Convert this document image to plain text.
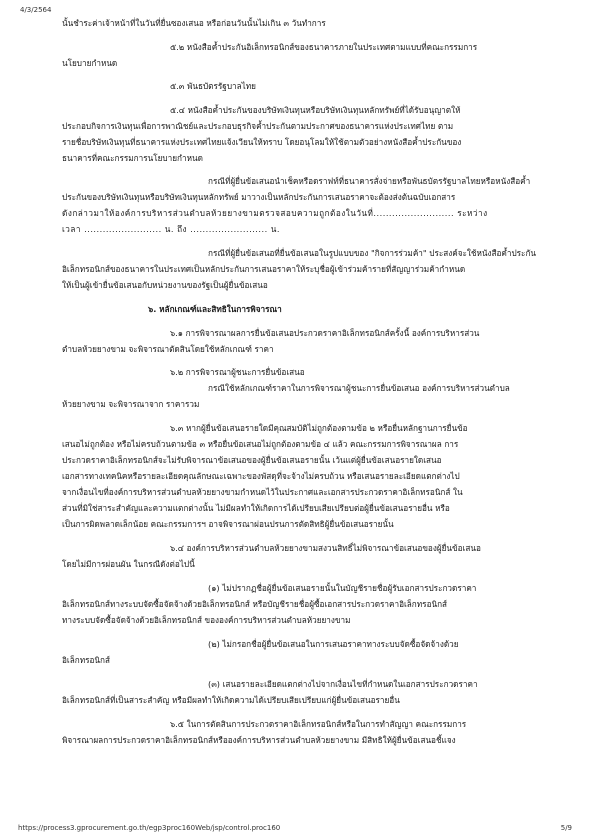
4/3/2564
นั้นชำระค่าเจ้าหน้าที่ในวันที่ยื่นซองเสนอ หรือก่อนวันนั้นไม่เกิน ๓ วันทำการ
๕.๒ หนังสือค้ำประกันอิเล็กทรอนิกส์ของธนาคารภายในประเทศตามแบบที่คณะกรรมการ
นโยบายกำหนด
๕.๓ พันธบัตรรัฐบาลไทย
๕.๔ หนังสือค้ำประกันของบริษัทเงินทุนหรือบริษัทเงินทุนหลักทรัพย์ที่ได้รับอนุญาตให้
ประกอบกิจการเงินทุนเพื่อการพาณิชย์และประกอบธุรกิจค้ำประกันตามประกาศของธนาคารแห่งประเทศไทย ตาม
รายชื่อบริษัทเงินทุนที่ธนาคารแห่งประเทศไทยแจ้งเวียนให้ทราบ โดยอนุโลมให้ใช้ตามตัวอย่างหนังสือค้ำประกันของ
ธนาคารที่คณะกรรมการนโยบายกำหนด
กรณีที่ผู้ยื่นข้อเสนอนำเช็คหรือดราฟท์ที่ธนาคารสั่งจ่ายหรือพันธบัตรรัฐบาลไทยหรือหนังสือค้ำ
ประกันของบริษัทเงินทุนหรือบริษัทเงินทุนหลักทรัพย์ มาวางเป็นหลักประกันการเสนอราคาจะต้องส่งต้นฉบับเอกสาร
ดังกล่าวมาให้องค์การบริหารส่วนตำบลห้วยยางขามตรวจสอบความถูกต้องในวันที่.......................... ระหว่าง
เวลา ......................... น. ถึง ......................... น.
กรณีที่ผู้ยื่นข้อเสนอที่ยื่นข้อเสนอในรูปแบบของ "กิจการร่วมค้า" ประสงค์จะใช้หนังสือค้ำประกัน
อิเล็กทรอนิกส์ของธนาคารในประเทศเป็นหลักประกันการเสนอราคาให้ระบุชื่อผู้เข้าร่วมค้ารายที่สัญญาร่วมค้ากำหนด
ให้เป็นผู้เข้ายื่นข้อเสนอกับหน่วยงานของรัฐเป็นผู้ยื่นข้อเสนอ
๖. หลักเกณฑ์และสิทธิในการพิจารณา
๖.๑ การพิจารณาผลการยื่นข้อเสนอประกวดราคาอิเล็กทรอนิกส์ครั้งนี้ องค์การบริหารส่วน
ตำบลห้วยยางขาม จะพิจารณาตัดสินโดยใช้หลักเกณฑ์ ราคา
๖.๒ การพิจารณาผู้ชนะการยื่นข้อเสนอ
กรณีใช้หลักเกณฑ์ราคาในการพิจารณาผู้ชนะการยื่นข้อเสนอ องค์การบริหารส่วนตำบล
ห้วยยางขาม จะพิจารณาจาก ราคารวม
๖.๓ หากผู้ยื่นข้อเสนอรายใดมีคุณสมบัติไม่ถูกต้องตามข้อ ๒ หรือยื่นหลักฐานการยื่นข้อ
เสนอไม่ถูกต้อง หรือไม่ครบถ้วนตามข้อ ๓ หรือยื่นข้อเสนอไม่ถูกต้องตามข้อ ๔ แล้ว คณะกรรมการพิจารณาผล การ
ประกวดราคาอิเล็กทรอนิกส์จะไม่รับพิจารณาข้อเสนอของผู้ยื่นข้อเสนอรายนั้น เว้นแต่ผู้ยื่นข้อเสนอรายใดเสนอ
เอกสารทางเทคนิคหรือรายละเอียดคุณลักษณะเฉพาะของพัสดุที่จะจ้างไม่ครบถ้วน หรือเสนอรายละเอียดแตกต่างไป
จากเงื่อนไขที่องค์การบริหารส่วนตำบลห้วยยางขามกำหนดไว้ในประกาศและเอกสารประกวดราคาอิเล็กทรอนิกส์ ใน
ส่วนที่มิใช่สาระสำคัญและความแตกต่างนั้น ไม่มีผลทำให้เกิดการได้เปรียบเสียเปรียบต่อผู้ยื่นข้อเสนอรายอื่น หรือ
เป็นการผิดพลาดเล็กน้อย คณะกรรมการฯ อาจพิจารณาผ่อนปรนการตัดสิทธิผู้ยื่นข้อเสนอรายนั้น
๖.๔ องค์การบริหารส่วนตำบลห้วยยางขามสงวนสิทธิ์ไม่พิจารณาข้อเสนอของผู้ยื่นข้อเสนอ
โดยไม่มีการผ่อนผัน ในกรณีดังต่อไปนี้
(๑) ไม่ปรากฏชื่อผู้ยื่นข้อเสนอรายนั้นในบัญชีรายชื่อผู้รับเอกสารประกวดราคา
อิเล็กทรอนิกส์ทางระบบจัดซื้อจัดจ้างด้วยอิเล็กทรอนิกส์ หรือบัญชีรายชื่อผู้ซื้อเอกสารประกวดราคาอิเล็กทรอนิกส์
ทางระบบจัดซื้อจัดจ้างด้วยอิเล็กทรอนิกส์ ขององค์การบริหารส่วนตำบลห้วยยางขาม
(๒) ไม่กรอกชื่อผู้ยื่นข้อเสนอในการเสนอราคาทางระบบจัดซื้อจัดจ้างด้วย
อิเล็กทรอนิกส์
(๓) เสนอรายละเอียดแตกต่างไปจากเงื่อนไขที่กำหนดในเอกสารประกวดราคา
อิเล็กทรอนิกส์ที่เป็นสาระสำคัญ หรือมีผลทำให้เกิดความได้เปรียบเสียเปรียบแก่ผู้ยื่นข้อเสนอรายอื่น
๖.๕ ในการตัดสินการประกวดราคาอิเล็กทรอนิกส์หรือในการทำสัญญา คณะกรรมการ
พิจารณาผลการประกวดราคาอิเล็กทรอนิกส์หรือองค์การบริหารส่วนตำบลห้วยยางขาม มีสิทธิให้ผู้ยื่นข้อเสนอชี้แจง
https://process3.gprocurement.go.th/egp3proc160Web/jsp/control.proc160	5/9
